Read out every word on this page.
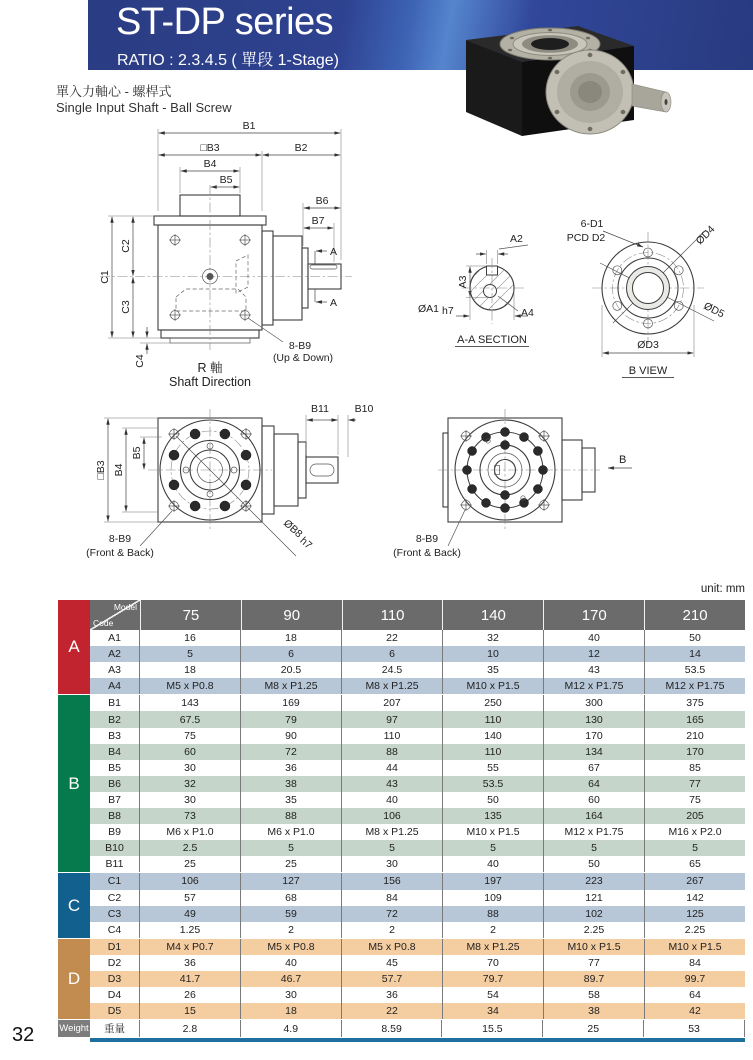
ST-DP series
RATIO : 2.3.4.5 ( 單段 1-Stage)
單入力軸心 - 螺桿式
Single Input Shaft - Ball Screw
B1
□B3	B2
B4
B5
B6
B7
C1
C2
C3
C4
A
A
8-B9
(Up & Down)
R 軸
Shaft Direction
A2
A3
ØA1 h7	A4
A-A SECTION
6-D1
PCD D2	ØD4
ØD5
ØD3
B VIEW
□B3 B4
B5
B11 B10
ØB8
h7
8-B9
(Front & Back)
B
8-B9
(Front & Back)
unit: mm
A
B
C
D
Weight
Model
Code	75	90	110	140	170	210
A1	16	18	22	32	40	50
A2	5	6	6	10	12	14
A3	18	20.5	24.5	35	43	53.5
A4	M5 x P0.8	M8 x P1.25	M8 x P1.25	M10 x P1.5	M12 x P1.75	M12 x P1.75
B1	143	169	207	250	300	375
B2	67.5	79	97	110	130	165
B3	75	90	110	140	170	210
B4	60	72	88	110	134	170
B5	30	36	44	55	67	85
B6	32	38	43	53.5	64	77
B7	30	35	40	50	60	75
B8	73	88	106	135	164	205
B9	M6 x P1.0	M6 x P1.0	M8 x P1.25	M10 x P1.5	M12 x P1.75	M16 x P2.0
B10	2.5	5	5	5	5	5
B11	25	25	30	40	50	65
C1	106	127	156	197	223	267
C2	57	68	84	109	121	142
C3	49	59	72	88	102	125
C4	1.25	2	2	2	2.25	2.25
D1	M4 x P0.7	M5 x P0.8	M5 x P0.8	M8 x P1.25	M10 x P1.5	M10 x P1.5
D2	36	40	45	70	77	84
D3	41.7	46.7	57.7	79.7	89.7	99.7
D4	26	30	36	54	58	64
D5	15	18	22	34	38	42
重量	2.8	4.9	8.59	15.5	25	53
32
